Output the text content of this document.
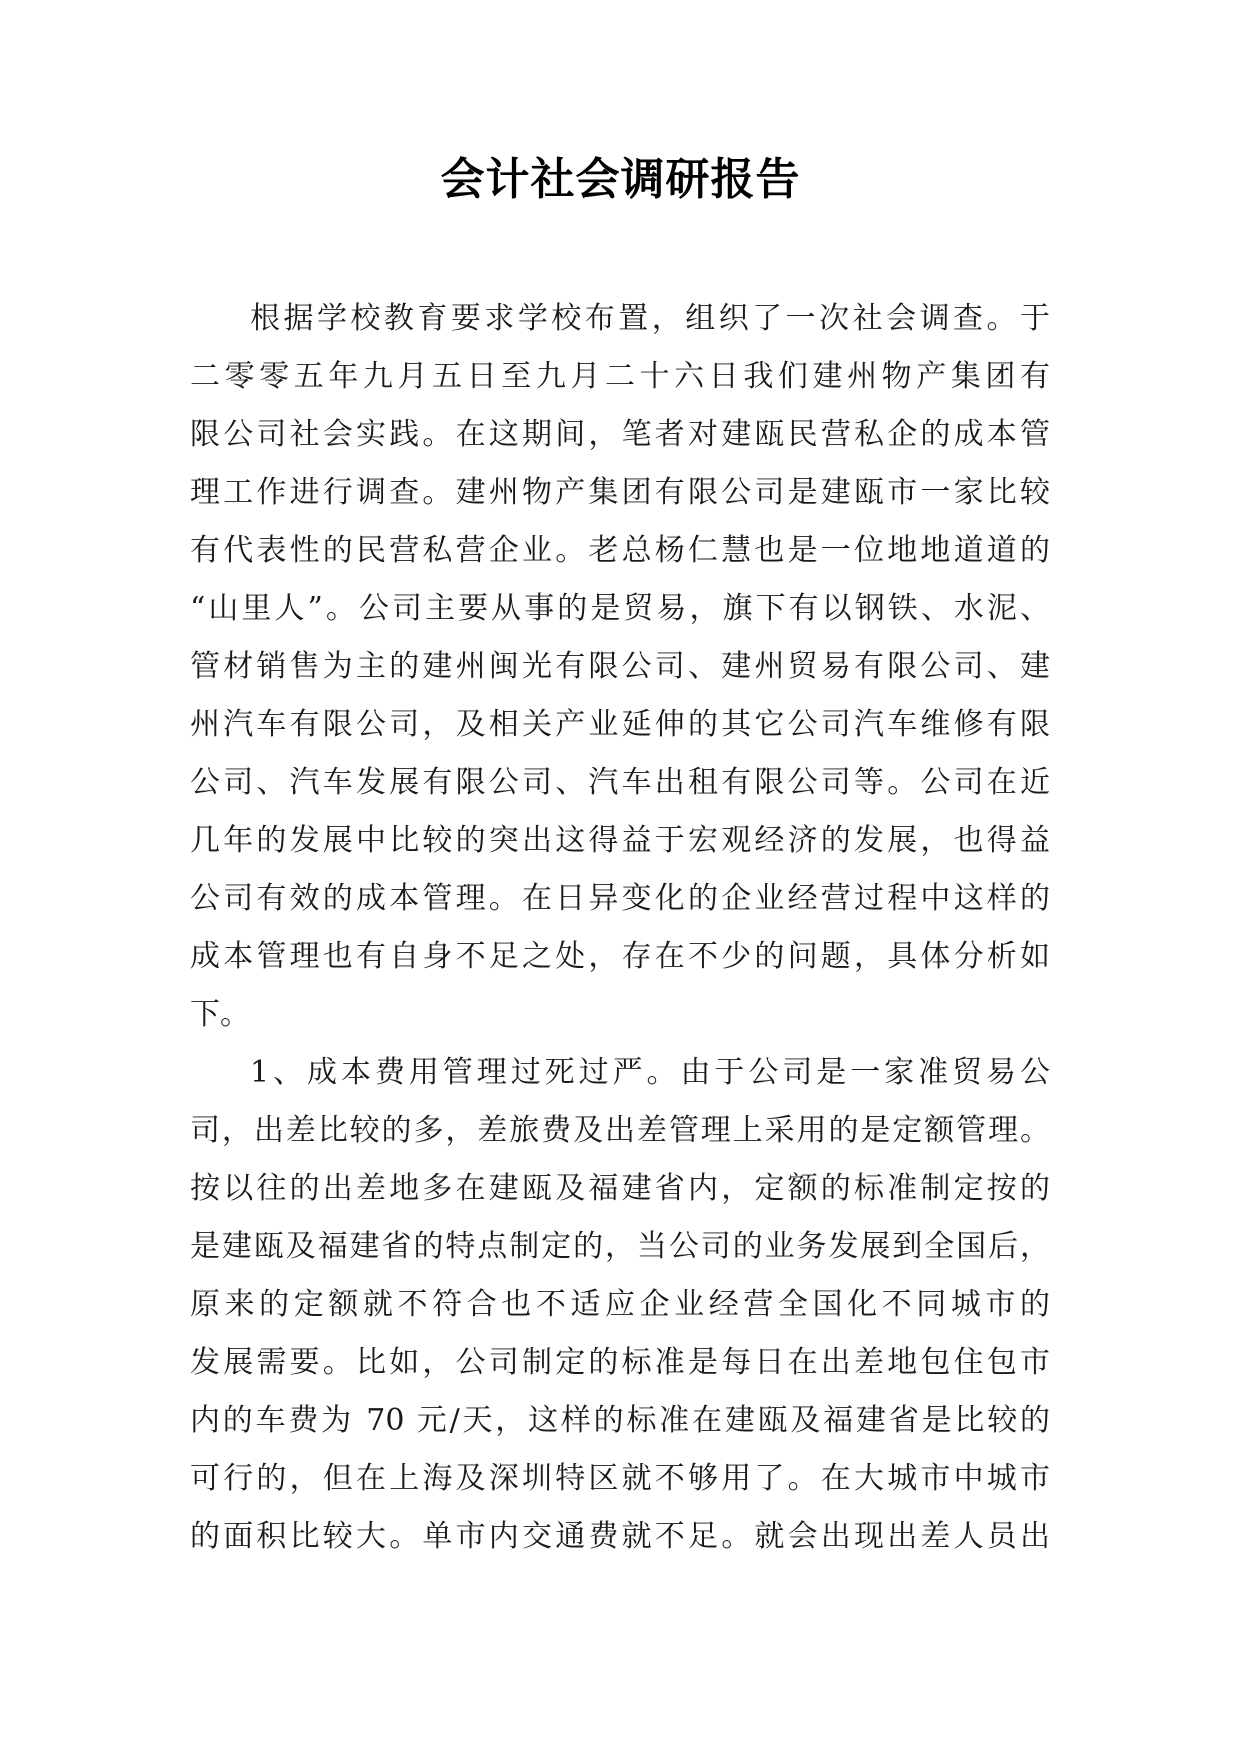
会计社会调研报告
根据学校教育要求学校布置，组织了一次社会调查。于
二零零五年九月五日至九月二十六日我们建州物产集团有
限公司社会实践。在这期间，笔者对建瓯民营私企的成本管
理工作进行调查。建州物产集团有限公司是建瓯市一家比较
有代表性的民营私营企业。老总杨仁慧也是一位地地道道的
“山里人”。公司主要从事的是贸易，旗下有以钢铁、水泥、
管材销售为主的建州闽光有限公司、建州贸易有限公司、建
州汽车有限公司，及相关产业延伸的其它公司汽车维修有限
公司、汽车发展有限公司、汽车出租有限公司等。公司在近
几年的发展中比较的突出这得益于宏观经济的发展，也得益
公司有效的成本管理。在日异变化的企业经营过程中这样的
成本管理也有自身不足之处，存在不少的问题，具体分析如
下。
1、成本费用管理过死过严。由于公司是一家准贸易公
司，出差比较的多，差旅费及出差管理上采用的是定额管理。
按以往的出差地多在建瓯及福建省内，定额的标准制定按的
是建瓯及福建省的特点制定的，当公司的业务发展到全国后，
原来的定额就不符合也不适应企业经营全国化不同城市的
发展需要。比如，公司制定的标准是每日在出差地包住包市
内的车费为 70 元/天，这样的标准在建瓯及福建省是比较的
可行的，但在上海及深圳特区就不够用了。在大城市中城市
的面积比较大。单市内交通费就不足。就会出现出差人员出
